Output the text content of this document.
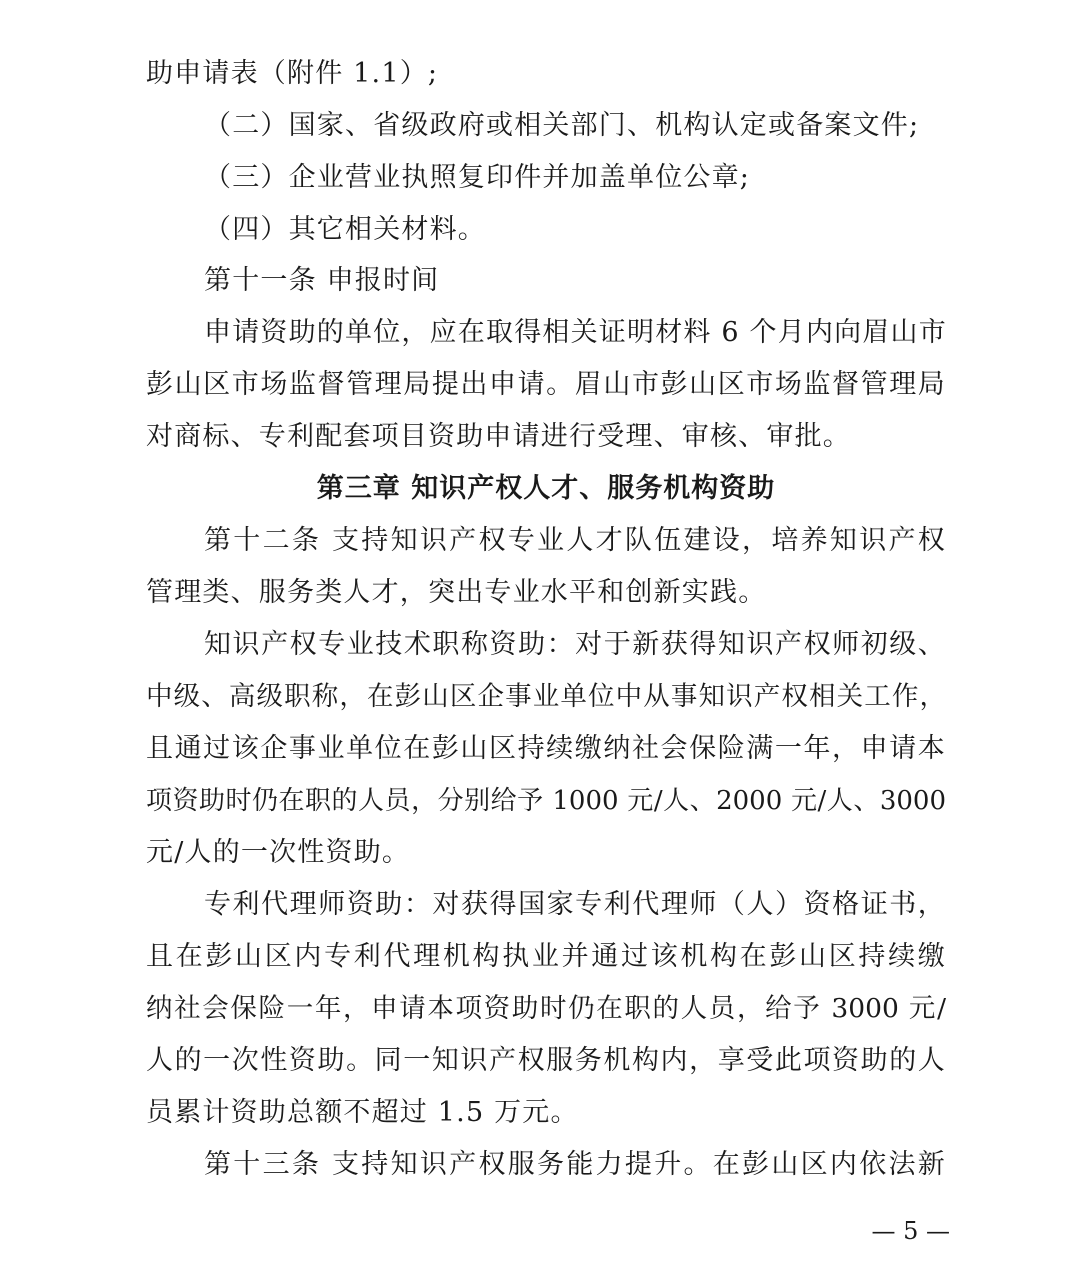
助申请表（附件 1.1）;
（二）国家、省级政府或相关部门、机构认定或备案文件;
（三）企业营业执照复印件并加盖单位公章;
（四）其它相关材料。
第十一条 申报时间
申请资助的单位，应在取得相关证明材料 6 个月内向眉山市
彭山区市场监督管理局提出申请。眉山市彭山区市场监督管理局
对商标、专利配套项目资助申请进行受理、审核、审批。
第三章 知识产权人才、服务机构资助
第十二条 支持知识产权专业人才队伍建设，培养知识产权
管理类、服务类人才，突出专业水平和创新实践。
知识产权专业技术职称资助：对于新获得知识产权师初级、
中级、高级职称，在彭山区企事业单位中从事知识产权相关工作，
且通过该企事业单位在彭山区持续缴纳社会保险满一年，申请本
项资助时仍在职的人员，分别给予 1000 元/人、2000 元/人、3000
元/人的一次性资助。
专利代理师资助：对获得国家专利代理师（人）资格证书，
且在彭山区内专利代理机构执业并通过该机构在彭山区持续缴
纳社会保险一年，申请本项资助时仍在职的人员，给予 3000 元/
人的一次性资助。同一知识产权服务机构内，享受此项资助的人
员累计资助总额不超过 1.5 万元。
第十三条 支持知识产权服务能力提升。在彭山区内依法新
— 5 —
